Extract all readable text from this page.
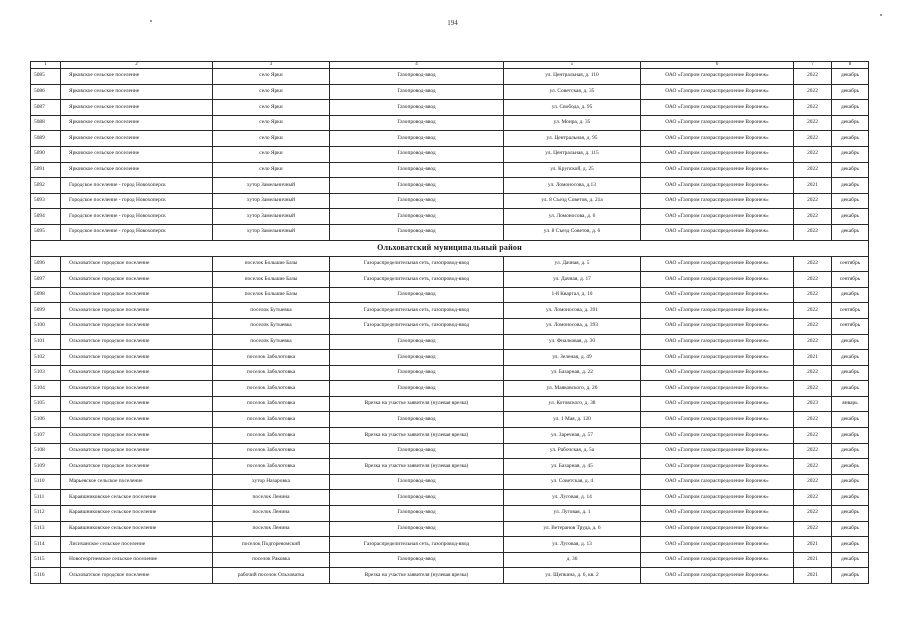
194
1	2	3	4	5	6	7	8
5085	Ярковское сельское поселение	село Ярки	Газопровод-ввод	ул. Центральная, д. 110	ОАО «Газпром газораспределение Воронеж»	2022	декабрь
5086	Ярковское сельское поселение	село Ярки	Газопровод-ввод	ул. Советская, д. 35	ОАО «Газпром газораспределение Воронеж»	2022	декабрь
5087	Ярковское сельское поселение	село Ярки	Газопровод-ввод	ул. Свобода, д. 95	ОАО «Газпром газораспределение Воронеж»	2022	декабрь
5088	Ярковское сельское поселение	село Ярки	Газопровод-ввод	ул. Моира, д. 35	ОАО «Газпром газораспределение Воронеж»	2022	декабрь
5089	Ярковское сельское поселение	село Ярки	Газопровод-ввод	ул. Центральная, д. 95	ОАО «Газпром газораспределение Воронеж»	2022	декабрь
5090	Ярковское сельское поселение	село Ярки	Газопровод-ввод	ул. Центральная, д. 115	ОАО «Газпром газораспределение Воронеж»	2022	декабрь
5091	Ярковское сельское поселение	село Ярки	Газопровод-ввод	ул. Крупской, д. 25	ОАО «Газпром газораспределение Воронеж»	2022	декабрь
5092	Городское поселение - город Новохоперск	хутор Замельничный	Газопровод-ввод	ул. Ломоносова, д.13	ОАО «Газпром газораспределение Воронеж»	2021	декабрь
5093	Городское поселение - город Новохоперск	хутор Замельничный	Газопровод-ввод	ул. 8 Съезд Советов, д. 21а	ОАО «Газпром газораспределение Воронеж»	2022	декабрь
5094	Городское поселение - город Новохоперск	хутор Замельничный	Газопровод-ввод	ул. Ломоносова, д. 6	ОАО «Газпром газораспределение Воронеж»	2022	декабрь
5095	Городское поселение - город Новохоперск	хутор Замельничный	Газопровод-ввод	ул. 8 Съезд Советов, д. 6	ОАО «Газпром газораспределение Воронеж»	2022	декабрь
Ольховатский муниципальный район							
5096	Ольховатское городское поселение	поселок Большие Базы	Газораспределительная сеть, газопровод-ввод	ул. Дачная, д. 5	ОАО «Газпром газораспределение Воронеж»	2022	сентябрь
5097	Ольховатское городское поселение	поселок Большие Базы	Газораспределительная сеть, газопровод-ввод	ул. Дачная, д. 17	ОАО «Газпром газораспределение Воронеж»	2022	сентябрь
5098	Ольховатское городское поселение	поселок Большие Базы	Газопровод-ввод	1-й Квартал, д. 10	ОАО «Газпром газораспределение Воронеж»	2022	декабрь
5099	Ольховатское городское поселение	поселок Бутыевка	Газораспределительная сеть, газопровод-ввод	ул. Ломоносова, д. 391	ОАО «Газпром газораспределение Воронеж»	2022	сентябрь
5100	Ольховатское городское поселение	поселок Бутыевка	Газораспределительная сеть, газопровод-ввод	ул. Ломоносова, д. 393	ОАО «Газпром газораспределение Воронеж»	2022	сентябрь
5101	Ольховатское городское поселение	поселок Бутыевка	Газопровод-ввод	ул. Фиалковая, д. 30	ОАО «Газпром газораспределение Воронеж»	2022	декабрь
5102	Ольховатское городское поселение	поселок Заболотовка	Газопровод-ввод	ул. Зеленая, д. 49	ОАО «Газпром газораспределение Воронеж»	2021	декабрь
5103	Ольховатское городское поселение	поселок Заболотовка	Газопровод-ввод	ул. Базарная, д. 22	ОАО «Газпром газораспределение Воронеж»	2022	декабрь
5104	Ольховатское городское поселение	поселок Заболотовка	Газопровод-ввод	ул. Маяковского, д. 26	ОАО «Газпром газораспределение Воронеж»	2022	декабрь
5105	Ольховатское городское поселение	поселок Заболотовка	Врезка на участке заявителя (нулевая врезка)	ул. Котовского, д. 38	ОАО «Газпром газораспределение Воронеж»	2023	январь
5106	Ольховатское городское поселение	поселок Заболотовка	Газопровод-ввод	ул. 1 Мая, д. 120	ОАО «Газпром газораспределение Воронеж»	2022	декабрь
5107	Ольховатское городское поселение	поселок Заболотовка	Врезка на участке заявителя (нулевая врезка)	ул. Заречная, д. 57	ОАО «Газпром газораспределение Воронеж»	2022	декабрь
5108	Ольховатское городское поселение	поселок Заболотовка	Газопровод-ввод	ул. Рабочская, д. 5а	ОАО «Газпром газораспределение Воронеж»	2022	декабрь
5109	Ольховатское городское поселение	поселок Заболотовка	Врезка на участке заявителя (нулевая врезка)	ул. Базарная, д. 45	ОАО «Газпром газораспределение Воронеж»	2022	декабрь
5110	Марьевское сельское поселение	хутор Назаровка	Газопровод-ввод	ул. Советская, д. 4	ОАО «Газпром газораспределение Воронеж»	2022	декабрь
5111	Караяшниковское сельское поселение	поселок Ленина	Газопровод-ввод	ул. Луговая, д. 14	ОАО «Газпром газораспределение Воронеж»	2022	декабрь
5112	Караяшниковское сельское поселение	поселок Ленина	Газопровод-ввод	ул. Луговая, д. 1	ОАО «Газпром газораспределение Воронеж»	2022	декабрь
5113	Караяшниковское сельское поселение	поселок Ленина	Газопровод-ввод	ул. Ветеранов Труда, д. 6	ОАО «Газпром газораспределение Воронеж»	2022	декабрь
5114	Лисичанское сельское поселение	поселок Подгоревомский	Газораспределительная сеть, газопровод-ввод	ул. Луговая, д. 13	ОАО «Газпром газораспределение Воронеж»	2021	декабрь
5115	Новогеоргиевское сельское поселение	поселок Раковка	Газопровод-ввод	д. 36	ОАО «Газпром газораспределение Воронеж»	2021	декабрь
5116	Ольховатское городское поселение	рабочий поселок Ольховатка	Врезка на участке заявителя (нулевая врезка)	ул. Щепкина, д. 6, кв. 2	ОАО «Газпром газораспределение Воронеж»	2021	декабрь
